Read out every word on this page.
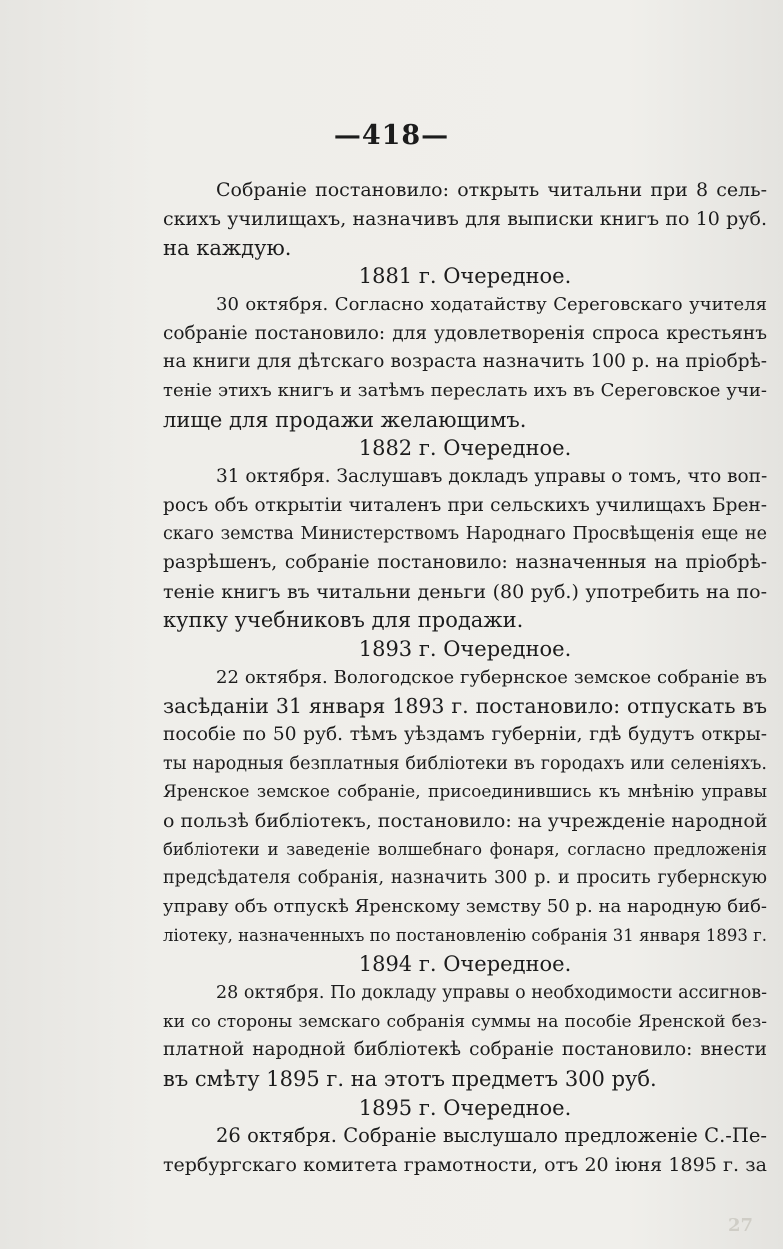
—418—
Собраніе постановило: открыть читальни при 8 сель-
скихъ училищахъ, назначивъ для выписки книгъ по 10 руб.
на каждую.
1881 г. Очередное.
30 октября. Согласно ходатайству Сереговскаго учителя
собраніе постановило: для удовлетворенія спроса крестьянъ
на книги для дѣтскаго возраста назначить 100 р. на пріобрѣ-
теніе этихъ книгъ и затѣмъ переслать ихъ въ Сереговское учи-
лище для продажи желающимъ.
1882 г. Очередное.
31 октября. Заслушавъ докладъ управы о томъ, что воп-
росъ объ открытіи читаленъ при сельскихъ училищахъ Брен-
скаго земства Министерствомъ Народнаго Просвѣщенія еще не
разрѣшенъ, собраніе постановило: назначенныя на пріобрѣ-
теніе книгъ въ читальни деньги (80 руб.) употребить на по-
купку учебниковъ для продажи.
1893 г. Очередное.
22 октября. Вологодское губернское земское собраніе въ
засѣданіи 31 января 1893 г. постановило: отпускать въ
пособіе по 50 руб. тѣмъ уѣздамъ губерніи, гдѣ будутъ откры-
ты народныя безплатныя библіотеки въ городахъ или селеніяхъ.
Яренское земское собраніе, присоединившись къ мнѣнію управы
о пользѣ библіотекъ, постановило: на учрежденіе народной
библіотеки и заведеніе волшебнаго фонаря, согласно предложенія
предсѣдателя собранія, назначить 300 р. и просить губернскую
управу объ отпускѣ Яренскому земству 50 р. на народную биб-
ліотеку, назначенныхъ по постановленію собранія 31 января 1893 г.
1894 г. Очередное.
28 октября. По докладу управы о необходимости ассигнов-
ки со стороны земскаго собранія суммы на пособіе Яренской без-
платной народной библіотекѣ собраніе постановило: внести
въ смѣту 1895 г. на этотъ предметъ 300 руб.
1895 г. Очередное.
26 октября. Собраніе выслушало предложеніе С.-Пе-
тербургскаго комитета грамотности, отъ 20 іюня 1895 г. за
27
